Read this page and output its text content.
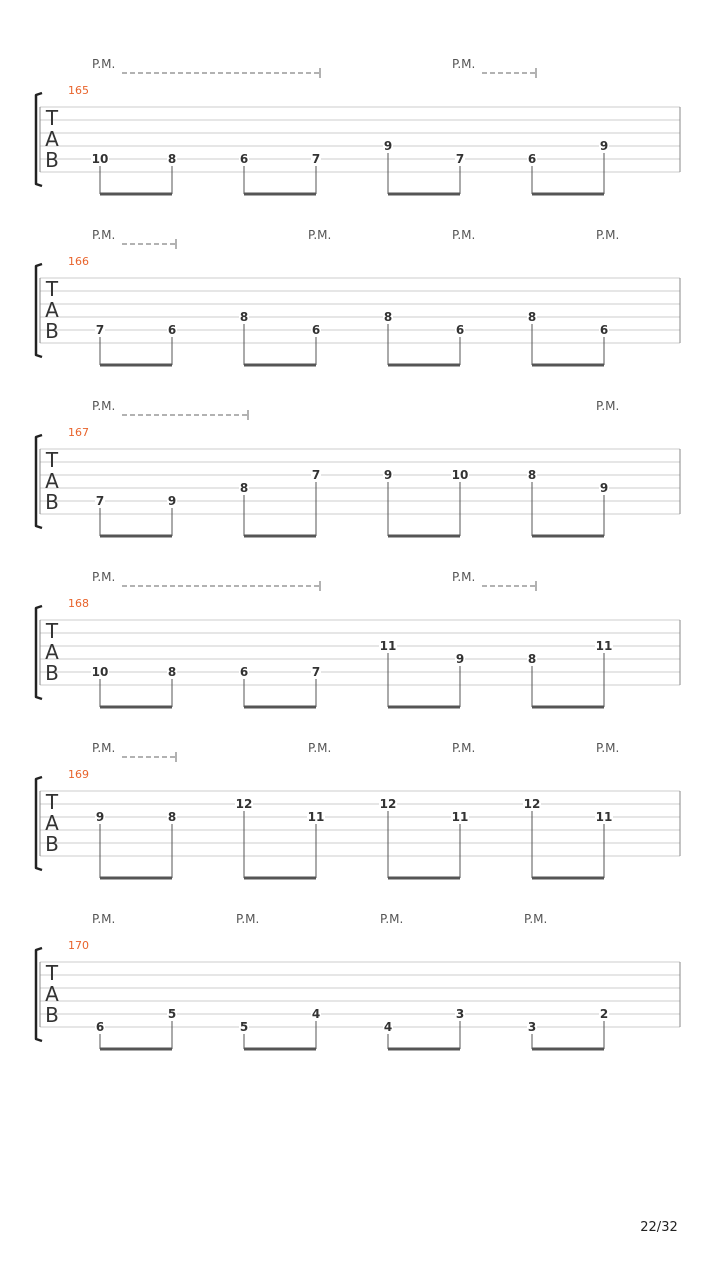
T
A
B
165
10	8	6	7
9
7	6
9
P.M.	P.M.
T
A
B
166
7	6
8
6
8
6
8
6
P.M.	P.M.	P.M.	P.M.
T
A
B
167
7	9
8
7	9	10	8
9
P.M.	P.M.
T
A
B
168
10	8	6	7
11
9	8
11
P.M.	P.M.
T
A
B
169
9	8
12
11
12
11
12
11
P.M.	P.M.	P.M.	P.M.
T
A
B
170
6
5
5
4
4
3
3
2
P.M.	P.M.	P.M.	P.M.
22/32
